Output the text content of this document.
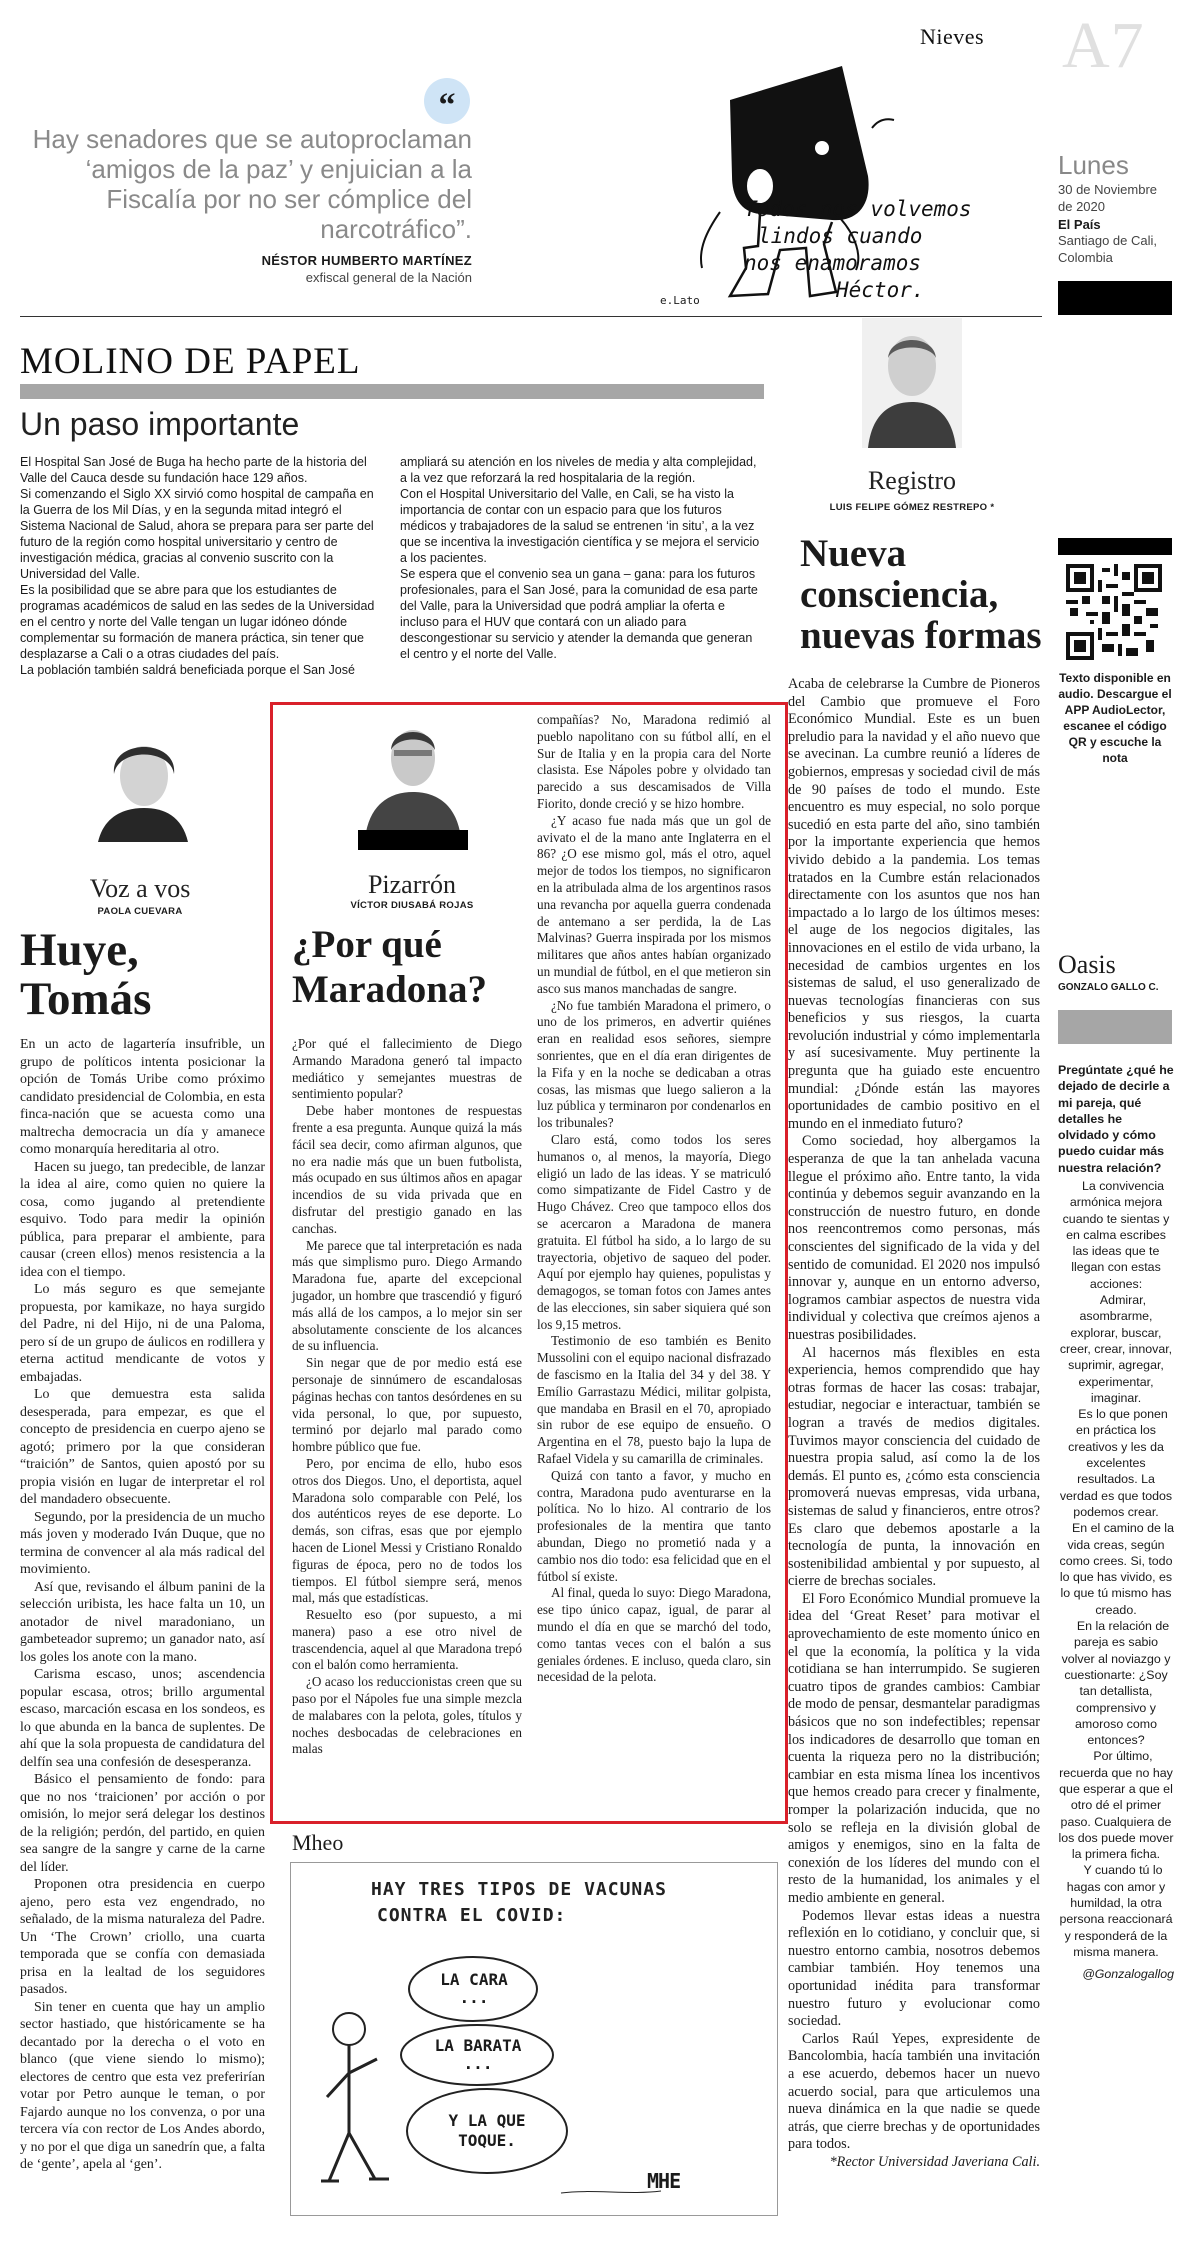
Nieves A7
Lunes
30 de Noviembre de 2020
El País
Santiago de Cali, Colombia
“
Hay senadores que se autoproclaman ‘amigos de la paz’ y enjuician a la Fiscalía por no ser cómplice del narcotráfico”.
NÉSTOR HUMBERTO MARTÍNEZ
exfiscal general de la Nación
Todos nos volvemos
lindos cuando
nos enamoramos
Héctor.
e.Lato
MOLINO DE PAPEL
Un paso importante

El Hospital San José de Buga ha hecho parte de la historia del Valle del Cauca desde su fundación hace 129 años.

Si comenzando el Siglo XX sirvió como hospital de campaña en la Guerra de los Mil Días, y en la segunda mitad integró el Sistema Nacional de Salud, ahora se prepara para ser parte del futuro de la región como hospital universitario y centro de investigación médica, gracias al convenio suscrito con la Universidad del Valle.

Es la posibilidad que se abre para que los estudiantes de programas académicos de salud en las sedes de la Universidad en el centro y norte del Valle tengan un lugar idóneo dónde complementar su formación de manera práctica, sin tener que desplazarse a Cali o a otras ciudades del país.

La población también saldrá beneficiada porque el San José

ampliará su atención en los niveles de media y alta complejidad, a la vez que reforzará la red hospitalaria de la región.

Con el Hospital Universitario del Valle, en Cali, se ha visto la importancia de contar con un espacio para que los futuros médicos y trabajadores de la salud se entrenen ‘in situ’, a la vez que se incentiva la investigación científica y se mejora el servicio a los pacientes.

Se espera que el convenio sea un gana – gana: para los futuros profesionales, para el San José, para la comunidad de esa parte del Valle, para la Universidad que podrá ampliar la oferta e incluso para el HUV que contará con un aliado para descongestionar su servicio y atender la demanda que generan el centro y el norte del Valle.

Registro
LUIS FELIPE GÓMEZ RESTREPO *
Nueva consciencia, nuevas formas

Acaba de celebrarse la Cumbre de Pioneros del Cambio que promueve el Foro Económico Mundial. Este es un buen preludio para la navidad y el año nuevo que se avecinan. La cumbre reunió a líderes de gobiernos, empresas y sociedad civil de más de 90 países de todo el mundo. Este encuentro es muy especial, no solo porque sucedió en esta parte del año, sino también por la importante experiencia que hemos vivido debido a la pandemia. Los temas tratados en la Cumbre están relacionados directamente con los asuntos que nos han impactado a lo largo de los últimos meses: el auge de los negocios digitales, las innovaciones en el estilo de vida urbano, la necesidad de cambios urgentes en los sistemas de salud, el uso generalizado de nuevas tecnologías financieras con sus beneficios y sus riesgos, la cuarta revolución industrial y cómo implementarla y así sucesivamente. Muy pertinente la pregunta que ha guiado este encuentro mundial: ¿Dónde están las mayores oportunidades de cambio positivo en el mundo en el inmediato futuro?

Como sociedad, hoy albergamos la esperanza de que la tan anhelada vacuna llegue el próximo año. Entre tanto, la vida continúa y debemos seguir avanzando en la construcción de nuestro futuro, en donde nos reencontremos como personas, más conscientes del significado de la vida y del sentido de comunidad. El 2020 nos impulsó innovar y, aunque en un entorno adverso, logramos cambiar aspectos de nuestra vida individual y colectiva que creímos ajenos a nuestras posibilidades.

Al hacernos más flexibles en esta experiencia, hemos comprendido que hay otras formas de hacer las cosas: trabajar, estudiar, negociar e interactuar, también se logran a través de medios digitales. Tuvimos mayor consciencia del cuidado de nuestra propia salud, así como la de los demás. El punto es, ¿cómo esta consciencia promoverá nuevas empresas, vida urbana, sistemas de salud y financieros, entre otros? Es claro que debemos apostarle a la tecnología de punta, la innovación en sostenibilidad ambiental y por supuesto, al cierre de brechas sociales.

El Foro Económico Mundial promueve la idea del ‘Great Reset’ para motivar el aprovechamiento de este momento único en el que la economía, la política y la vida cotidiana se han interrumpido. Se sugieren cuatro tipos de grandes cambios: Cambiar de modo de pensar, desmantelar paradigmas básicos que no son indefectibles; repensar los indicadores de desarrollo que toman en cuenta la riqueza pero no la distribución; cambiar en esta misma línea los incentivos que hemos creado para crecer y finalmente, romper la polarización inducida, que no solo se refleja en la división global de amigos y enemigos, sino en la falta de conexión de los líderes del mundo con el resto de la humanidad, los animales y el medio ambiente en general.

Podemos llevar estas ideas a nuestra reflexión en lo cotidiano, y concluir que, si nuestro entorno cambia, nosotros debemos cambiar también. Hoy tenemos una oportunidad inédita para transformar nuestro futuro y evolucionar como sociedad.

Carlos Raúl Yepes, expresidente de Bancolombia, hacía también una invitación a ese acuerdo, debemos hacer un nuevo acuerdo social, para que articulemos una nueva dinámica en la que nadie se quede atrás, que cierre brechas y de oportunidades para todos.

*Rector Universidad Javeriana Cali.
Texto disponible en audio. Descargue el APP AudioLector, escanee el código QR y escuche la nota
Oasis
GONZALO GALLO C.
Pregúntate ¿qué he dejado de decirle a mi pareja, qué detalles he olvidado y cómo puedo cuidar más nuestra relación?

La convivencia armónica mejora cuando te sientas y en calma escribes las ideas que te llegan con estas acciones:

Admirar, asombrarme, explorar, buscar, creer, crear, innovar, suprimir, agregar, experimentar, imaginar.

Es lo que ponen en práctica los creativos y les da excelentes resultados. La verdad es que todos podemos crear.

En el camino de la vida creas, según como crees. Si, todo lo que has vivido, es lo que tú mismo has creado.

En la relación de pareja es sabio volver al noviazgo y cuestionarte: ¿Soy tan detallista, comprensivo y amoroso como entonces?

Por último, recuerda que no hay que esperar a que el otro dé el primer paso. Cualquiera de los dos puede mover la primera ficha.

Y cuando tú lo hagas con amor y humildad, la otra persona reaccionará y responderá de la misma manera.

@Gonzalogallog
Voz a vos
PAOLA CUEVARA
Huye, Tomás

En un acto de lagartería insufrible, un grupo de políticos intenta posicionar la opción de Tomás Uribe como próximo candidato presidencial de Colombia, en esta finca-nación que se acuesta como una maltrecha democracia un día y amanece como monarquía hereditaria al otro.

Hacen su juego, tan predecible, de lanzar la idea al aire, como quien no quiere la cosa, como jugando al pretendiente esquivo. Todo para medir la opinión pública, para preparar el ambiente, para causar (creen ellos) menos resistencia a la idea con el tiempo.

Lo más seguro es que semejante propuesta, por kamikaze, no haya surgido del Padre, ni del Hijo, ni de una Paloma, pero sí de un grupo de áulicos en rodillera y eterna actitud mendicante de votos y embajadas.

Lo que demuestra esta salida desesperada, para empezar, es que el concepto de presidencia en cuerpo ajeno se agotó; primero por la que consideran “traición” de Santos, quien apostó por su propia visión en lugar de interpretar el rol del mandadero obsecuente.

Segundo, por la presidencia de un mucho más joven y moderado Iván Duque, que no termina de convencer al ala más radical del movimiento.

Así que, revisando el álbum panini de la selección uribista, les hace falta un 10, un anotador de nivel maradoniano, un gambeteador supremo; un ganador nato, así los goles los anote con la mano.

Carisma escaso, unos; ascendencia popular escasa, otros; brillo argumental escaso, marcación escasa en los sondeos, es lo que abunda en la banca de suplentes. De ahí que la sola propuesta de candidatura del delfín sea una confesión de desesperanza.

Básico el pensamiento de fondo: para que no nos ‘traicionen’ por acción o por omisión, lo mejor será delegar los destinos de la religión; perdón, del partido, en quien sea sangre de la sangre y carne de la carne del líder.

Proponen otra presidencia en cuerpo ajeno, pero esta vez engendrado, no señalado, de la misma naturaleza del Padre. Un ‘The Crown’ criollo, una cuarta temporada que se confía con demasiada prisa en la lealtad de los seguidores pasados.

Sin tener en cuenta que hay un amplio sector hastiado, que históricamente se ha decantado por la derecha o el voto en blanco (que viene siendo lo mismo); electores de centro que esta vez preferirían votar por Petro aunque le teman, o por Fajardo aunque no los convenza, o por una tercera vía con rector de Los Andes abordo, y no por el que diga un sanedrín que, a falta de ‘gente’, apela al ‘gen’.

Pizarrón
VÍCTOR DIUSABÁ ROJAS
¿Por qué Maradona?

¿Por qué el fallecimiento de Diego Armando Maradona generó tal impacto mediático y semejantes muestras de sentimiento popular?

Debe haber montones de respuestas frente a esa pregunta. Aunque quizá la más fácil sea decir, como afirman algunos, que no era nadie más que un buen futbolista, más ocupado en sus últimos años en apagar incendios de su vida privada que en disfrutar del prestigio ganado en las canchas.

Me parece que tal interpretación es nada más que simplismo puro. Diego Armando Maradona fue, aparte del excepcional jugador, un hombre que trascendió y figuró más allá de los campos, a lo mejor sin ser absolutamente consciente de los alcances de su influencia.

Sin negar que de por medio está ese personaje de sinnúmero de escandalosas páginas hechas con tantos desórdenes en su vida personal, lo que, por supuesto, terminó por dejarlo mal parado como hombre público que fue.

Pero, por encima de ello, hubo esos otros dos Diegos. Uno, el deportista, aquel Maradona solo comparable con Pelé, los dos auténticos reyes de ese deporte. Lo demás, son cifras, esas que por ejemplo hacen de Lionel Messi y Cristiano Ronaldo figuras de época, pero no de todos los tiempos. El fútbol siempre será, menos mal, más que estadísticas.

Resuelto eso (por supuesto, a mi manera) paso a ese otro nivel de trascendencia, aquel al que Maradona trepó con el balón como herramienta.

¿O acaso los reduccionistas creen que su paso por el Nápoles fue una simple mezcla de malabares con la pelota, goles, títulos y noches desbocadas de celebraciones en malas

compañías? No, Maradona redimió al pueblo napolitano con su fútbol allí, en el Sur de Italia y en la propia cara del Norte clasista. Ese Nápoles pobre y olvidado tan parecido a sus descamisados de Villa Fiorito, donde creció y se hizo hombre.

¿Y acaso fue nada más que un gol de avivato el de la mano ante Inglaterra en el 86? ¿O ese mismo gol, más el otro, aquel mejor de todos los tiempos, no significaron en la atribulada alma de los argentinos rasos una revancha por aquella guerra condenada de antemano a ser perdida, la de Las Malvinas? Guerra inspirada por los mismos militares que años antes habían organizado un mundial de fútbol, en el que metieron sin asco sus manos manchadas de sangre.

¿No fue también Maradona el primero, o uno de los primeros, en advertir quiénes eran en realidad esos señores, siempre sonrientes, que en el día eran dirigentes de la Fifa y en la noche se dedicaban a otras cosas, las mismas que luego salieron a la luz pública y terminaron por condenarlos en los tribunales?

Claro está, como todos los seres humanos o, al menos, la mayoría, Diego eligió un lado de las ideas. Y se matriculó como simpatizante de Fidel Castro y de Hugo Chávez. Creo que tampoco ellos dos se acercaron a Maradona de manera gratuita. El fútbol ha sido, a lo largo de su trayectoria, objetivo de saqueo del poder. Aquí por ejemplo hay quienes, populistas y demagogos, se toman fotos con James antes de las elecciones, sin saber siquiera qué son los 9,15 metros.

Testimonio de eso también es Benito Mussolini con el equipo nacional disfrazado de fascismo en la Italia del 34 y del 38. Y Emílio Garrastazu Médici, militar golpista, que mandaba en Brasil en el 70, apropiado sin rubor de ese equipo de ensueño. O Argentina en el 78, puesto bajo la lupa de Rafael Videla y su camarilla de criminales.

Quizá con tanto a favor, y mucho en contra, Maradona pudo aventurarse en la política. No lo hizo. Al contrario de los profesionales de la mentira que tanto abundan, Diego no prometió nada y a cambio nos dio todo: esa felicidad que en el fútbol sí existe.

Al final, queda lo suyo: Diego Maradona, ese tipo único capaz, igual, de parar al mundo el día en que se marchó del todo, como tantas veces con el balón a sus geniales órdenes. E incluso, queda claro, sin necesidad de la pelota.

Mheo
HAY TRES TIPOS DE VACUNAS
CONTRA EL COVID:
LA CARA
...
LA BARATA
...
Y LA QUE
TOQUE.
MHE
